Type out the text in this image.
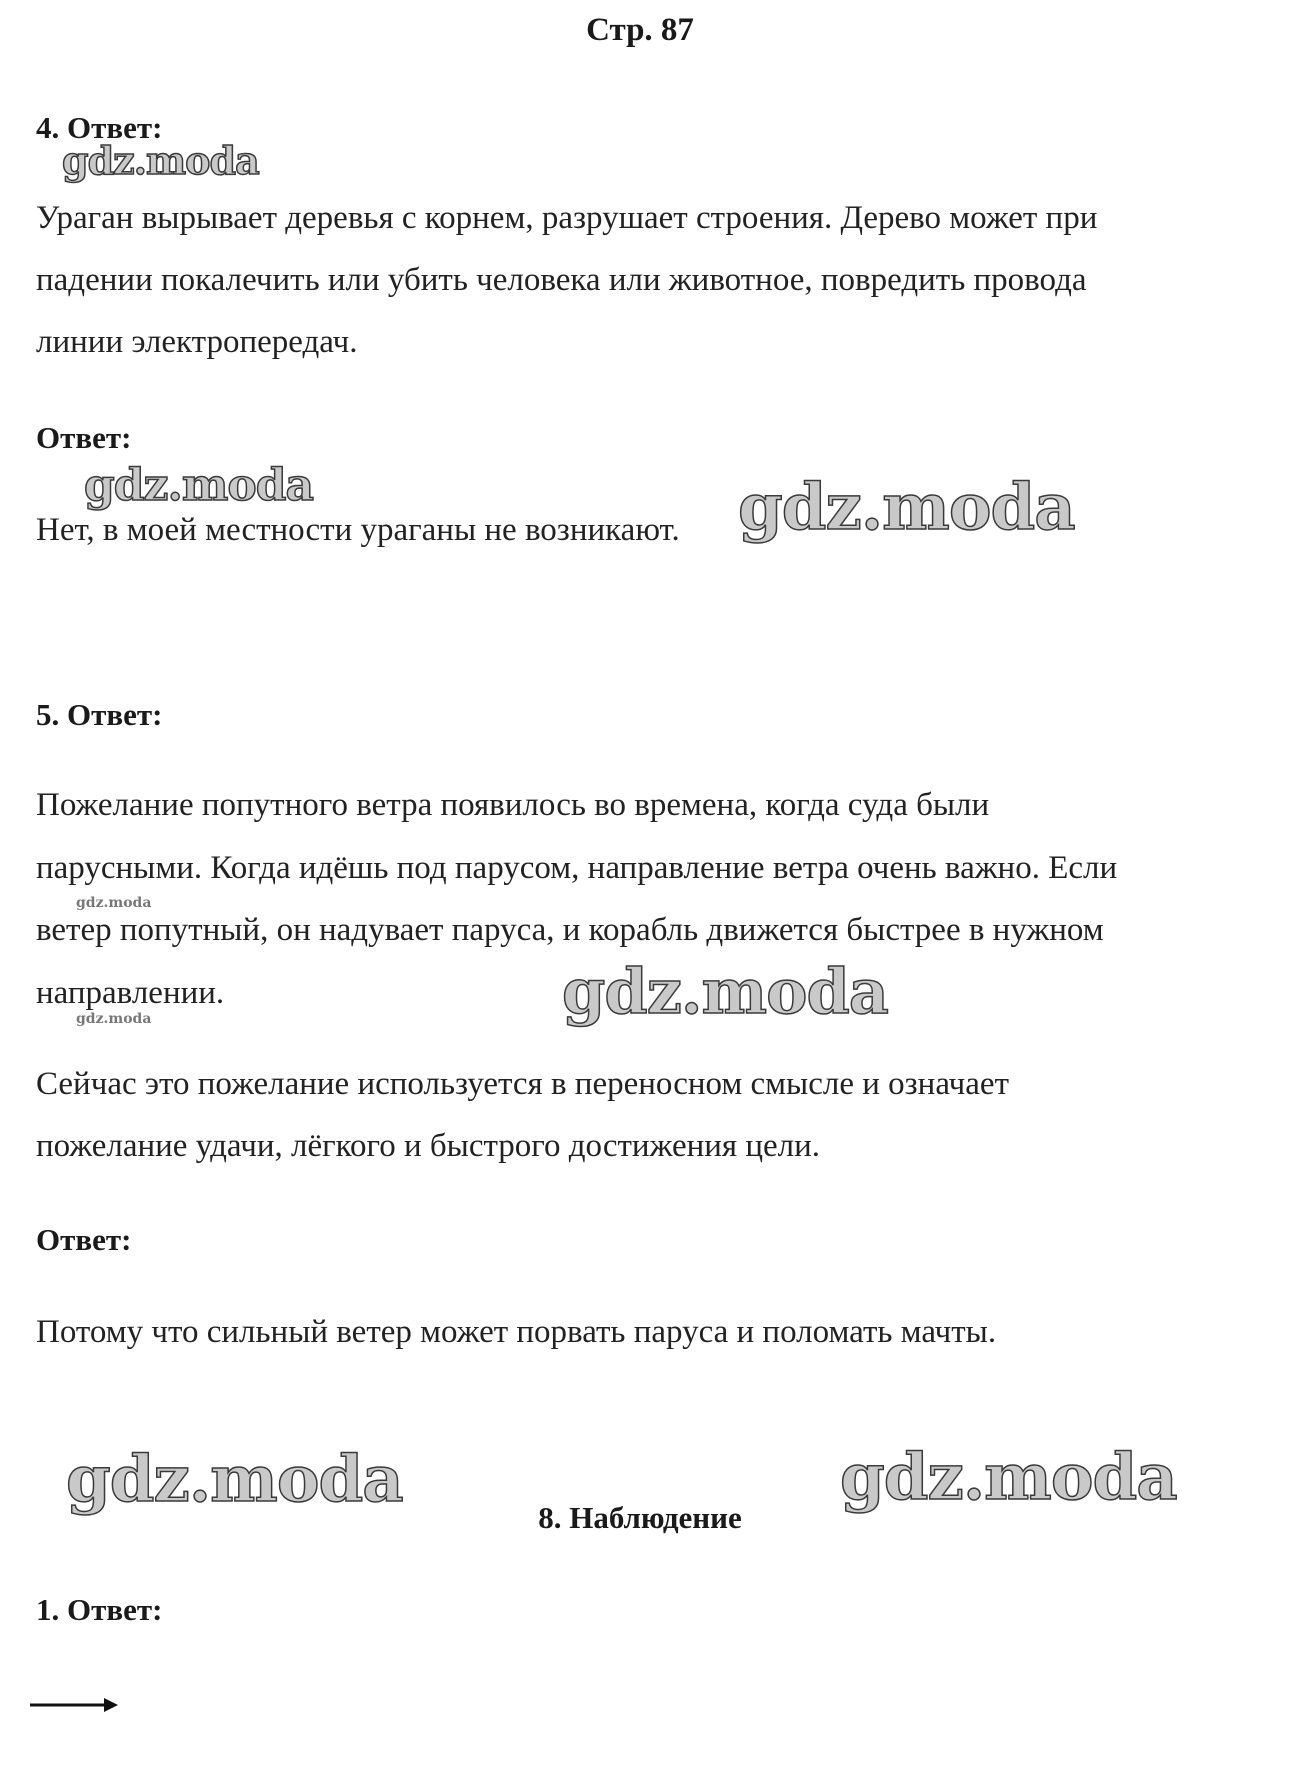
Стр. 87
4. Ответ:
gdz.moda
Ураган вырывает деревья с корнем, разрушает строения. Дерево может при
падении покалечить или убить человека или животное, повредить провода
линии электропередач.
Ответ:
gdz.moda
Нет, в моей местности ураганы не возникают. gdz.moda
5. Ответ:
Пожелание попутного ветра появилось во времена, когда суда были
парусными. Когда идёшь под парусом, направление ветра очень важно. Если
gdz.moda
ветер попутный, он надувает паруса, и корабль движется быстрее в нужном
направлении.
gdz.moda	gdz.moda
Сейчас это пожелание используется в переносном смысле и означает
пожелание удачи, лёгкого и быстрого достижения цели.
Ответ:
Потому что сильный ветер может порвать паруса и поломать мачты.
gdz.moda	gdz.moda
8. Наблюдение
1. Ответ:
